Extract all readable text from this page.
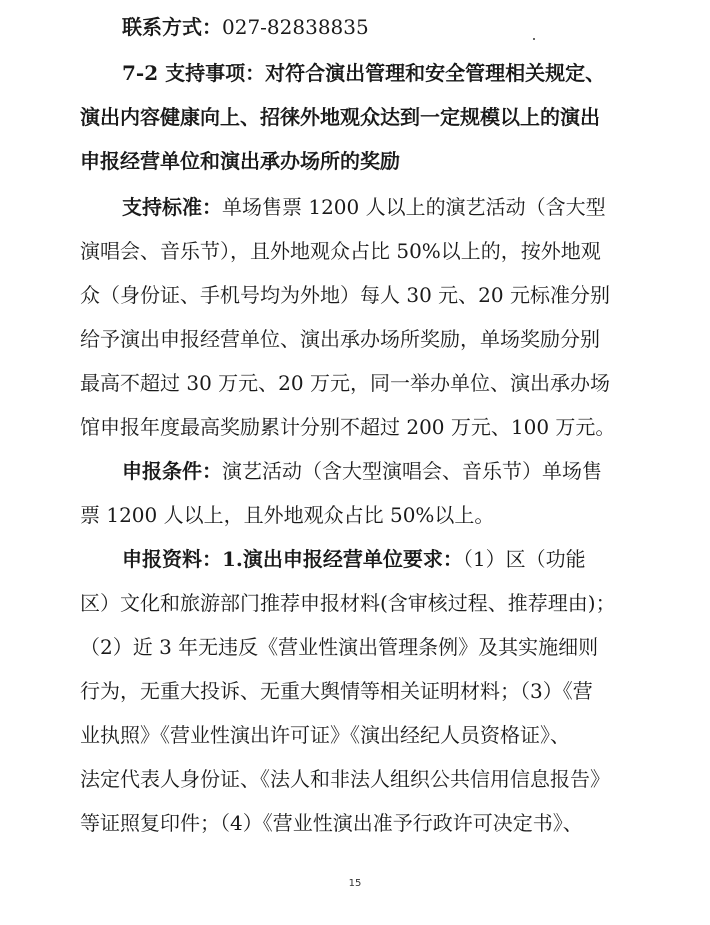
联系方式：027-82838835
7-2 支持事项：对符合演出管理和安全管理相关规定、
演出内容健康向上、招徕外地观众达到一定规模以上的演出
申报经营单位和演出承办场所的奖励
支持标准：单场售票 1200 人以上的演艺活动（含大型
演唱会、音乐节），且外地观众占比 50%以上的，按外地观
众（身份证、手机号均为外地）每人 30 元、20 元标准分别
给予演出申报经营单位、演出承办场所奖励，单场奖励分别
最高不超过 30 万元、20 万元，同一举办单位、演出承办场
馆申报年度最高奖励累计分别不超过 200 万元、100 万元。
申报条件：演艺活动（含大型演唱会、音乐节）单场售
票 1200 人以上，且外地观众占比 50%以上。
申报资料：1.演出申报经营单位要求：（1）区（功能
区）文化和旅游部门推荐申报材料(含审核过程、推荐理由)；
（2）近 3 年无违反《营业性演出管理条例》及其实施细则
行为，无重大投诉、无重大舆情等相关证明材料；（3）《营
业执照》《营业性演出许可证》《演出经纪人员资格证》、
法定代表人身份证、《法人和非法人组织公共信用信息报告》
等证照复印件；（4）《营业性演出准予行政许可决定书》、
15
